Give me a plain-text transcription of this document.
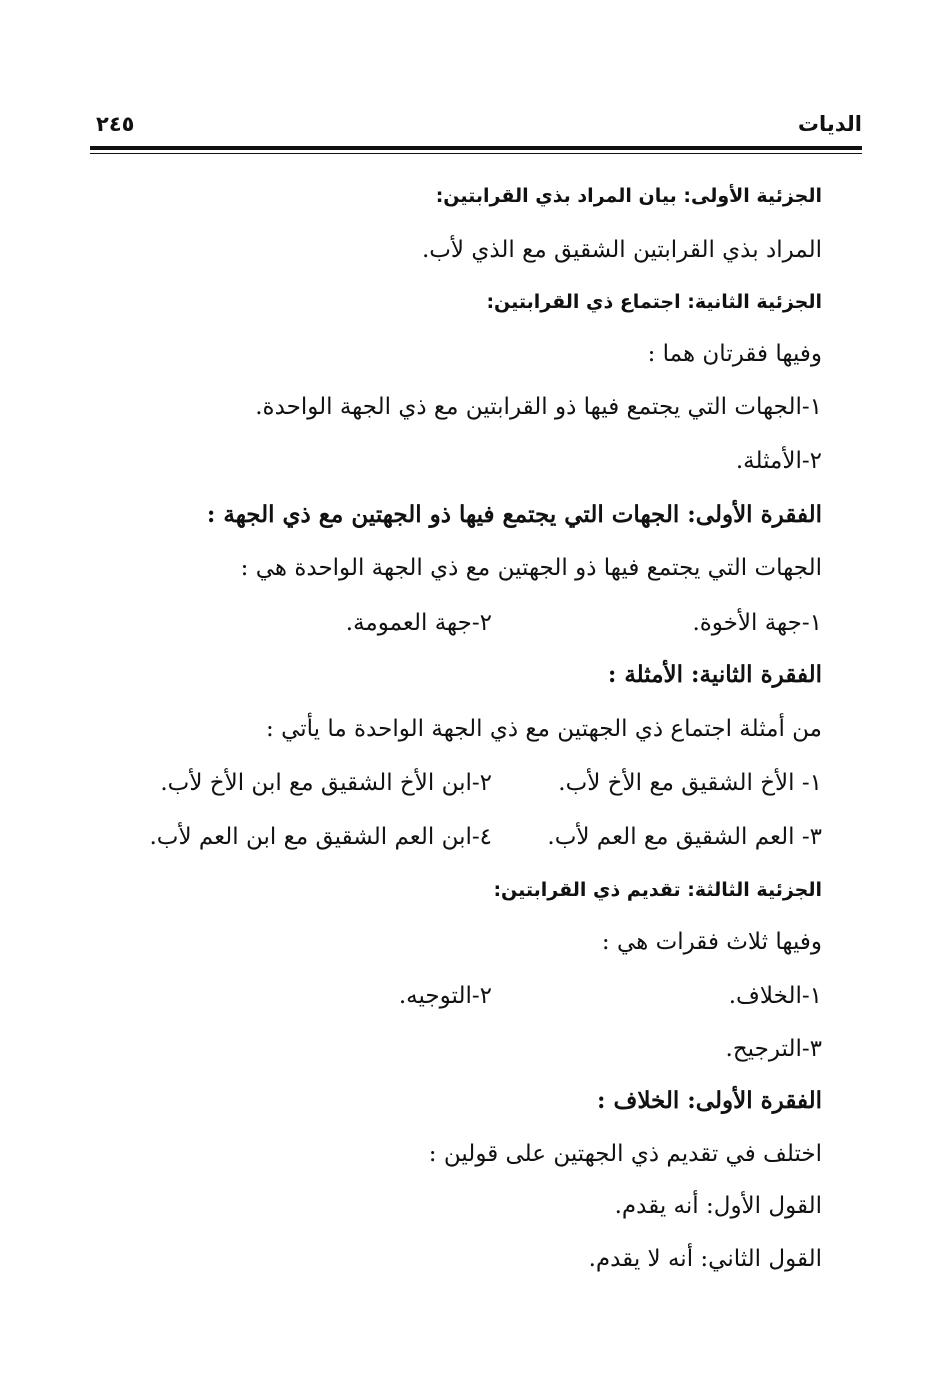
الديات
٢٤٥
الجزئية الأولى: بيان المراد بذي القرابتين:
المراد بذي القرابتين الشقيق مع الذي لأب.
الجزئية الثانية: اجتماع ذي القرابتين:
وفيها فقرتان هما :
١-الجهات التي يجتمع فيها ذو القرابتين مع ذي الجهة الواحدة.
٢-الأمثلة.
الفقرة الأولى: الجهات التي يجتمع فيها ذو الجهتين مع ذي الجهة :
الجهات التي يجتمع فيها ذو الجهتين مع ذي الجهة الواحدة هي :
١-جهة الأخوة.٢-جهة العمومة.
الفقرة الثانية: الأمثلة :
من أمثلة اجتماع ذي الجهتين مع ذي الجهة الواحدة ما يأتي :
١- الأخ الشقيق مع الأخ لأب.٢-ابن الأخ الشقيق مع ابن الأخ لأب.
٣- العم الشقيق مع العم لأب.٤-ابن العم الشقيق مع ابن العم لأب.
الجزئية الثالثة: تقديم ذي القرابتين:
وفيها ثلاث فقرات هي :
١-الخلاف.٢-التوجيه.
٣-الترجيح.
الفقرة الأولى: الخلاف :
اختلف في تقديم ذي الجهتين على قولين :
القول الأول: أنه يقدم.
القول الثاني: أنه لا يقدم.
